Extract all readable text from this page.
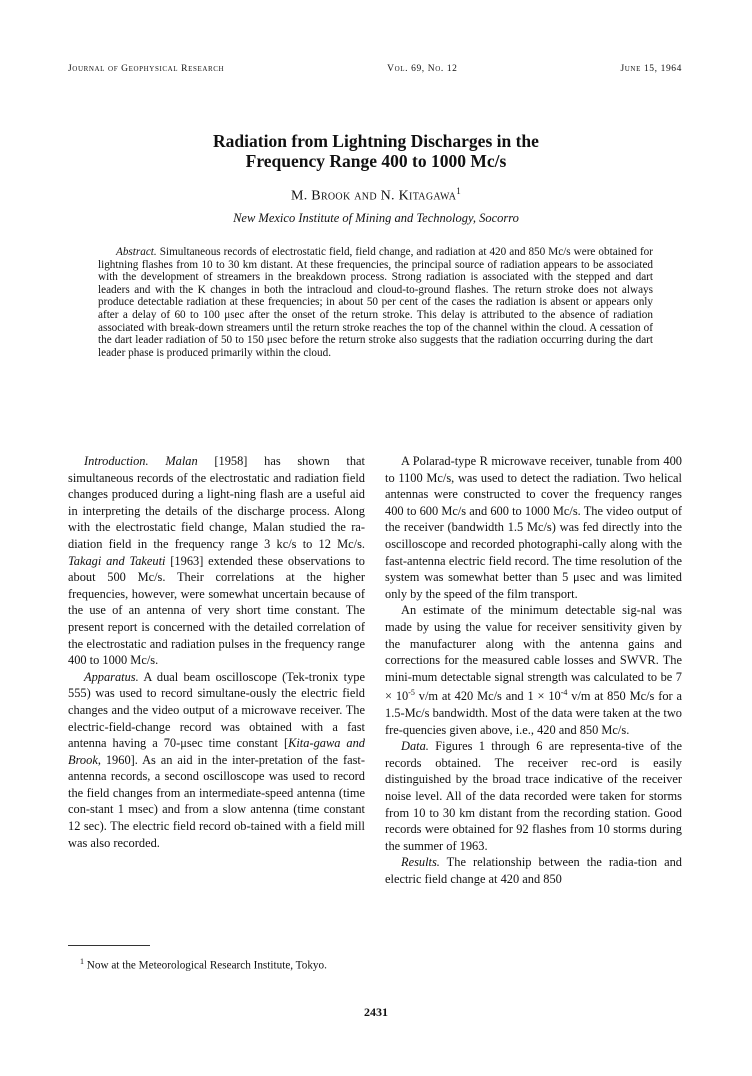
Journal of Geophysical Research	Vol. 69, No. 12	June 15, 1964
Radiation from Lightning Discharges in the
Frequency Range 400 to 1000 Mc/s
M. Brook and N. Kitagawa$^1$
New Mexico Institute of Mining and Technology, Socorro
Abstract. Simultaneous records of electrostatic field, field change, and radiation at 420 and 850 Mc/s were obtained for lightning flashes from 10 to 30 km distant. At these frequencies, the principal source of radiation appears to be associated with the development of streamers in the breakdown process. Strong radiation is associated with the stepped and dart leaders and with the K changes in both the intracloud and cloud-to-ground flashes. The return stroke does not always produce detectable radiation at these frequencies; in about 50 per cent of the cases the radiation is absent or appears only after a delay of 60 to 100 μsec after the onset of the return stroke. This delay is attributed to the absence of radiation associated with break-down streamers until the return stroke reaches the top of the channel within the cloud. A cessation of the dart leader radiation of 50 to 150 μsec before the return stroke also suggests that the radiation occurring during the dart leader phase is produced primarily within the cloud.

Introduction. Malan [1958] has shown that simultaneous records of the electrostatic and radiation field changes produced during a light-ning flash are a useful aid in interpreting the details of the discharge process. Along with the electrostatic field change, Malan studied the ra-diation field in the frequency range 3 kc/s to 12 Mc/s. Takagi and Takeuti [1963] extended these observations to about 500 Mc/s. Their correlations at the higher frequencies, however, were somewhat uncertain because of the use of an antenna of very short time constant. The present report is concerned with the detailed correlation of the electrostatic and radiation pulses in the frequency range 400 to 1000 Mc/s.

Apparatus. A dual beam oscilloscope (Tek-tronix type 555) was used to record simultane-ously the electric field changes and the video output of a microwave receiver. The electric-field-change record was obtained with a fast antenna having a 70-μsec time constant [Kita-gawa and Brook, 1960]. As an aid in the inter-pretation of the fast-antenna records, a second oscilloscope was used to record the field changes from an intermediate-speed antenna (time con-stant 1 msec) and from a slow antenna (time constant 12 sec). The electric field record ob-tained with a field mill was also recorded.

A Polarad-type R microwave receiver, tunable from 400 to 1100 Mc/s, was used to detect the radiation. Two helical antennas were constructed to cover the frequency ranges 400 to 600 Mc/s and 600 to 1000 Mc/s. The video output of the receiver (bandwidth 1.5 Mc/s) was fed directly into the oscilloscope and recorded photographi-cally along with the fast-antenna electric field record. The time resolution of the system was somewhat better than 5 μsec and was limited only by the speed of the film transport.

An estimate of the minimum detectable sig-nal was made by using the value for receiver sensitivity given by the manufacturer along with the antenna gains and corrections for the measured cable losses and SWVR. The mini-mum detectable signal strength was calculated to be $7 \times 10^{-5}$ v/m at 420 Mc/s and $1 \times 10^{-4}$ v/m at 850 Mc/s for a 1.5-Mc/s bandwidth. Most of the data were taken at the two fre-quencies given above, i.e., 420 and 850 Mc/s.

Data. Figures 1 through 6 are representa-tive of the records obtained. The receiver rec-ord is easily distinguished by the broad trace indicative of the receiver noise level. All of the data recorded were taken for storms from 10 to 30 km distant from the recording station. Good records were obtained for 92 flashes from 10 storms during the summer of 1963.

Results. The relationship between the radia-tion and electric field change at 420 and 850

$^1$ Now at the Meteorological Research Institute, Tokyo.
2431
